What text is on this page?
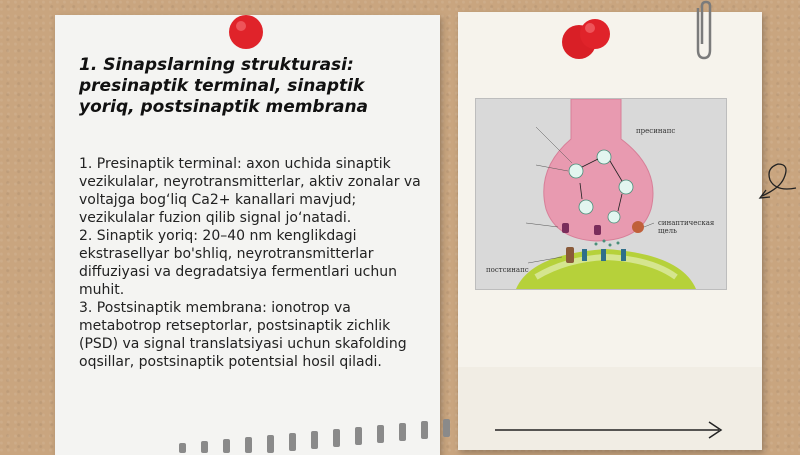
1. Sinapslarning strukturasi: presinaptik terminal, sinaptik yoriq, postsinaptik membrana

1. Presinaptik terminal: axon uchida sinaptik vezikulalar, neyrotransmitterlar, aktiv zonalar va voltajga bog‘liq Ca2+ kanallari mavjud; vezikulalar fuzion qilib signal jo‘natadi.

2. Sinaptik yoriq: 20–40 nm kenglikdagi ekstrasellyar bo'shliq, neyrotransmitterlar diffuziyasi va degradatsiya fermentlari uchun muhit.

3. Postsinaptik membrana: ionotrop va metabotrop retseptorlar, postsinaptik zichlik (PSD) va signal translatsiyasi uchun skafolding oqsillar, postsinaptik potentsial hosil qiladi.

пресинапс
постсинапс
синаптическая щель
